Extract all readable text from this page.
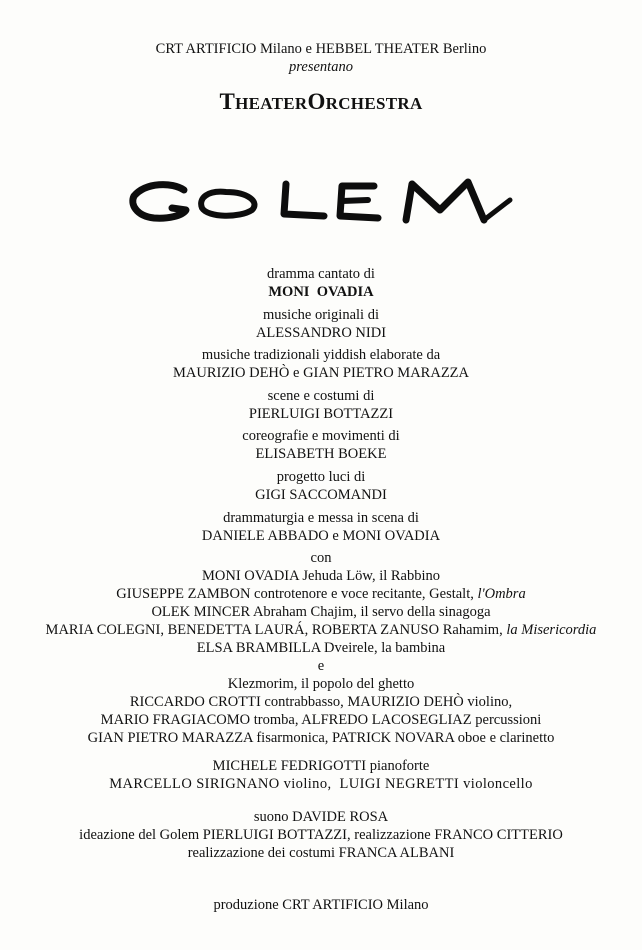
CRT ARTIFICIO Milano e HEBBEL THEATER Berlino
presentano
THEATERORCHESTRA
dramma cantato di
MONI  OVADIA
musiche originali di
ALESSANDRO NIDI
musiche tradizionali yiddish elaborate da
MAURIZIO DEHÒ e GIAN PIETRO MARAZZA
scene e costumi di
PIERLUIGI BOTTAZZI
coreografie e movimenti di
ELISABETH BOEKE
progetto luci di
GIGI SACCOMANDI
drammaturgia e messa in scena di
DANIELE ABBADO e MONI OVADIA
con
MONI OVADIA Jehuda Löw, il Rabbino
GIUSEPPE ZAMBON controtenore e voce recitante, Gestalt, l'Ombra
OLEK MINCER Abraham Chajim, il servo della sinagoga
MARIA COLEGNI, BENEDETTA LAURÁ, ROBERTA ZANUSO Rahamim, la Misericordia
ELSA BRAMBILLA Dveirele, la bambina
e
Klezmorim, il popolo del ghetto
RICCARDO CROTTI contrabbasso, MAURIZIO DEHÒ violino,
MARIO FRAGIACOMO tromba, ALFREDO LACOSEGLIAZ percussioni
GIAN PIETRO MARAZZA fisarmonica, PATRICK NOVARA oboe e clarinetto
MICHELE FEDRIGOTTI pianoforte
MARCELLO SIRIGNANO violino,  LUIGI NEGRETTI violoncello
suono DAVIDE ROSA
ideazione del Golem PIERLUIGI BOTTAZZI, realizzazione FRANCO CITTERIO
realizzazione dei costumi FRANCA ALBANI
produzione CRT ARTIFICIO Milano
